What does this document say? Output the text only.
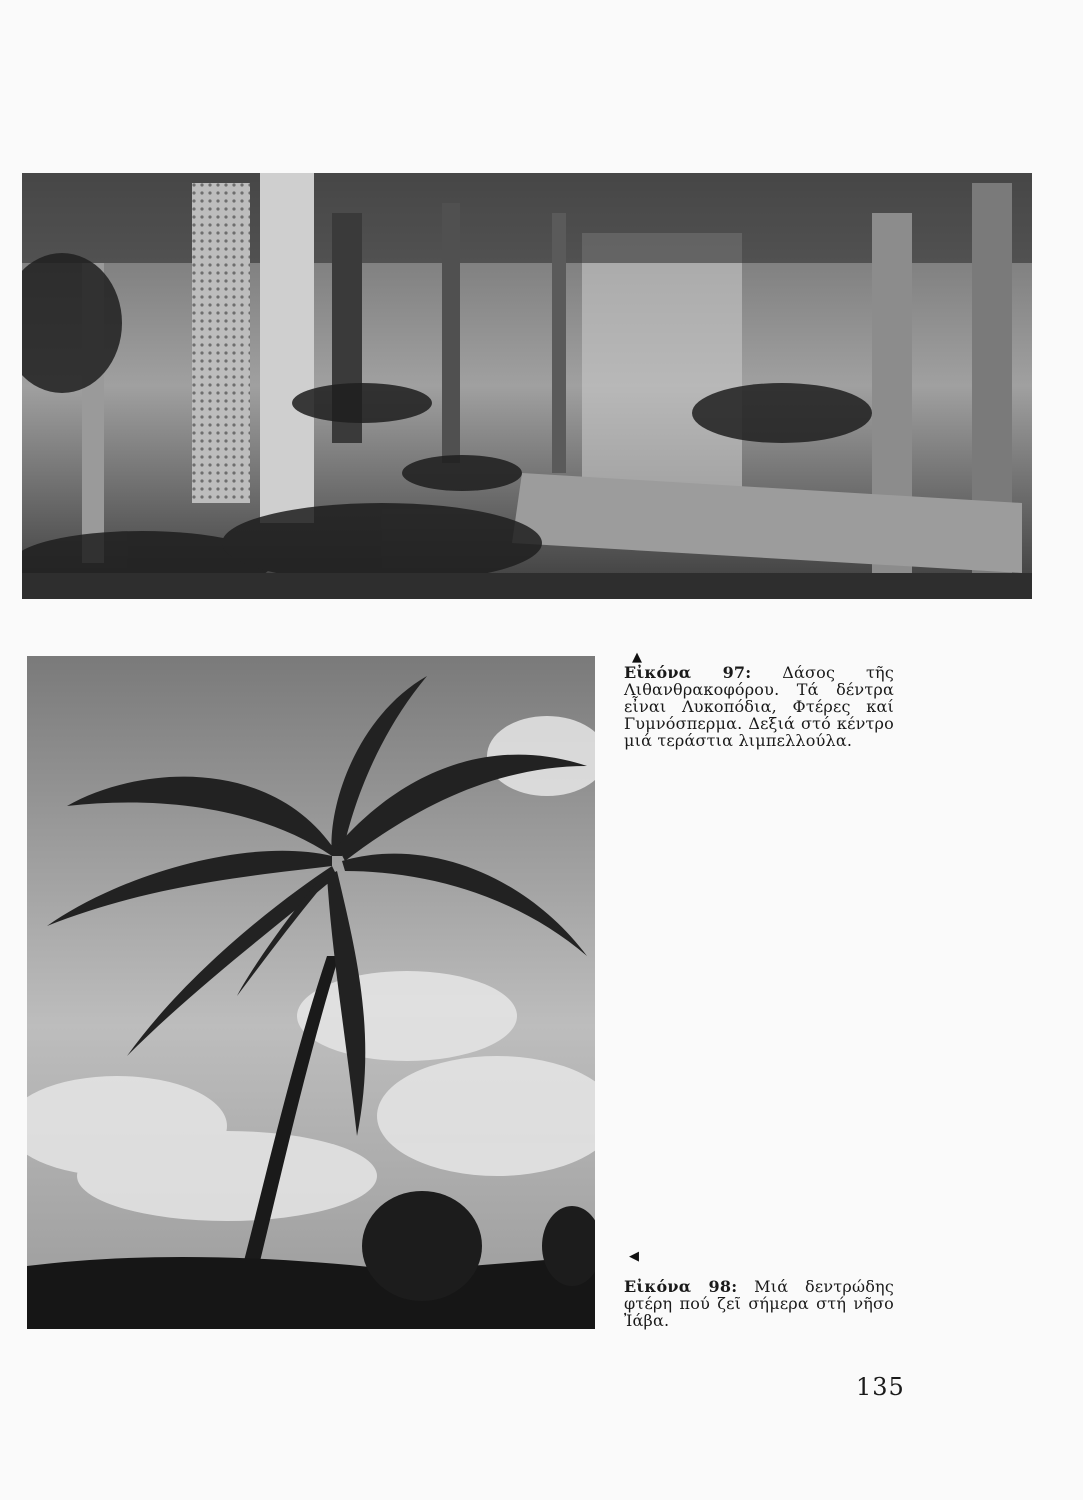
▲
Εἰκόνα 97: Δάσος τῆς Λιθανθρακοφόρου. Τά δέντρα εἶναι Λυκοπόδια, Φτέρες καί Γυμνόσπερμα. Δεξιά στό κέντρο μιά τεράστια λιμπελλούλα.
◀
Εἰκόνα 98: Μιά δεντρώδης φτέρη πού ζεῖ σήμερα στή νῆσο Ἰάβα.
135
